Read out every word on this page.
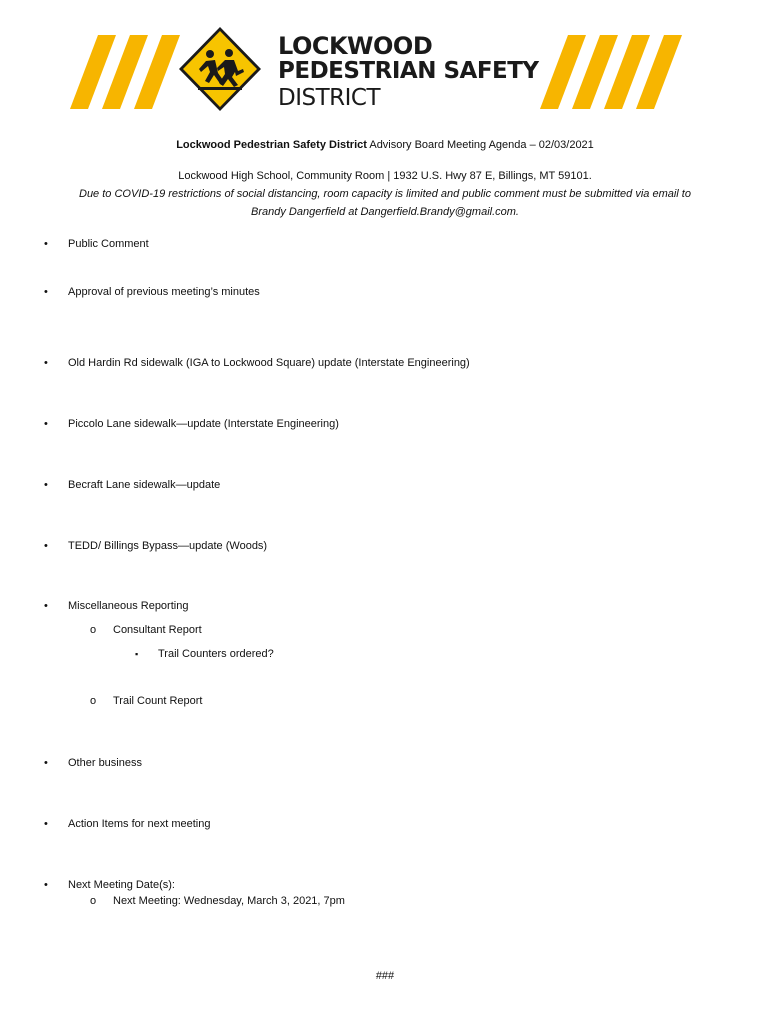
LOCKWOOD
PEDESTRIAN SAFETY
DISTRICT
Lockwood Pedestrian Safety District Advisory Board Meeting Agenda – 02/03/2021
Lockwood High School, Community Room | 1932 U.S. Hwy 87 E, Billings, MT 59101.
Due to COVID-19 restrictions of social distancing, room capacity is limited and public comment must be submitted via email to
Brandy Dangerfield at Dangerfield.Brandy@gmail.com.
• Public Comment
• Approval of previous meeting’s minutes
• Old Hardin Rd sidewalk (IGA to Lockwood Square) update (Interstate Engineering)
• Piccolo Lane sidewalk—update (Interstate Engineering)
• Becraft Lane sidewalk—update
• TEDD/ Billings Bypass—update (Woods)
• Miscellaneous Reporting
o Consultant Report
▪ Trail Counters ordered?
o Trail Count Report
• Other business
• Action Items for next meeting
• Next Meeting Date(s):
o Next Meeting: Wednesday, March 3, 2021, 7pm
###
